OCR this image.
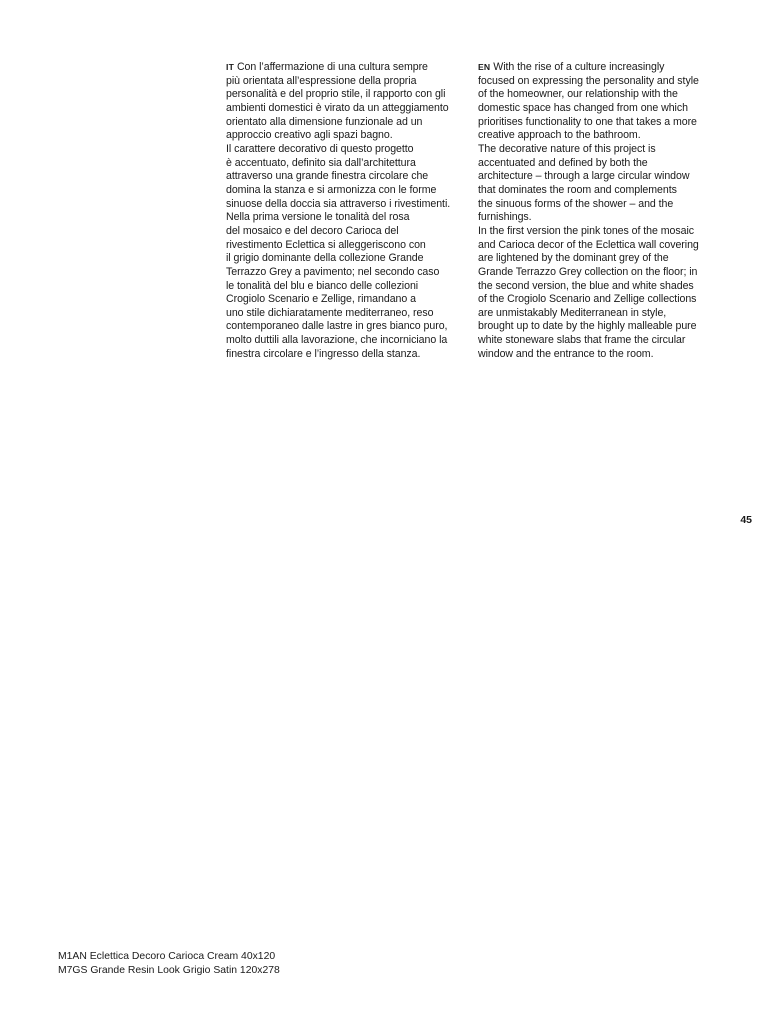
IT Con l’affermazione di una cultura sempre
più orientata all’espressione della propria
personalità e del proprio stile, il rapporto con gli
ambienti domestici è virato da un atteggiamento
orientato alla dimensione funzionale ad un
approccio creativo agli spazi bagno.

Il carattere decorativo di questo progetto
è accentuato, definito sia dall’architettura
attraverso una grande finestra circolare che
domina la stanza e si armonizza con le forme
sinuose della doccia sia attraverso i rivestimenti.

Nella prima versione le tonalità del rosa
del mosaico e del decoro Carioca del
rivestimento Eclettica si alleggeriscono con
il grigio dominante della collezione Grande
Terrazzo Grey a pavimento; nel secondo caso
le tonalità del blu e bianco delle collezioni
Crogiolo Scenario e Zellige, rimandano a
uno stile dichiaratamente mediterraneo, reso
contemporaneo dalle lastre in gres bianco puro,
molto duttili alla lavorazione, che incorniciano la
finestra circolare e l’ingresso della stanza.

EN With the rise of a culture increasingly
focused on expressing the personality and style
of the homeowner, our relationship with the
domestic space has changed from one which
prioritises functionality to one that takes a more
creative approach to the bathroom.

The decorative nature of this project is
accentuated and defined by both the
architecture – through a large circular window
that dominates the room and complements
the sinuous forms of the shower – and the
furnishings.

In the first version the pink tones of the mosaic
and Carioca decor of the Eclettica wall covering
are lightened by the dominant grey of the
Grande Terrazzo Grey collection on the floor; in
the second version, the blue and white shades
of the Crogiolo Scenario and Zellige collections
are unmistakably Mediterranean in style,
brought up to date by the highly malleable pure
white stoneware slabs that frame the circular
window and the entrance to the room.

45
M1AN Eclettica Decoro Carioca Cream 40x120
M7GS Grande Resin Look Grigio Satin 120x278
